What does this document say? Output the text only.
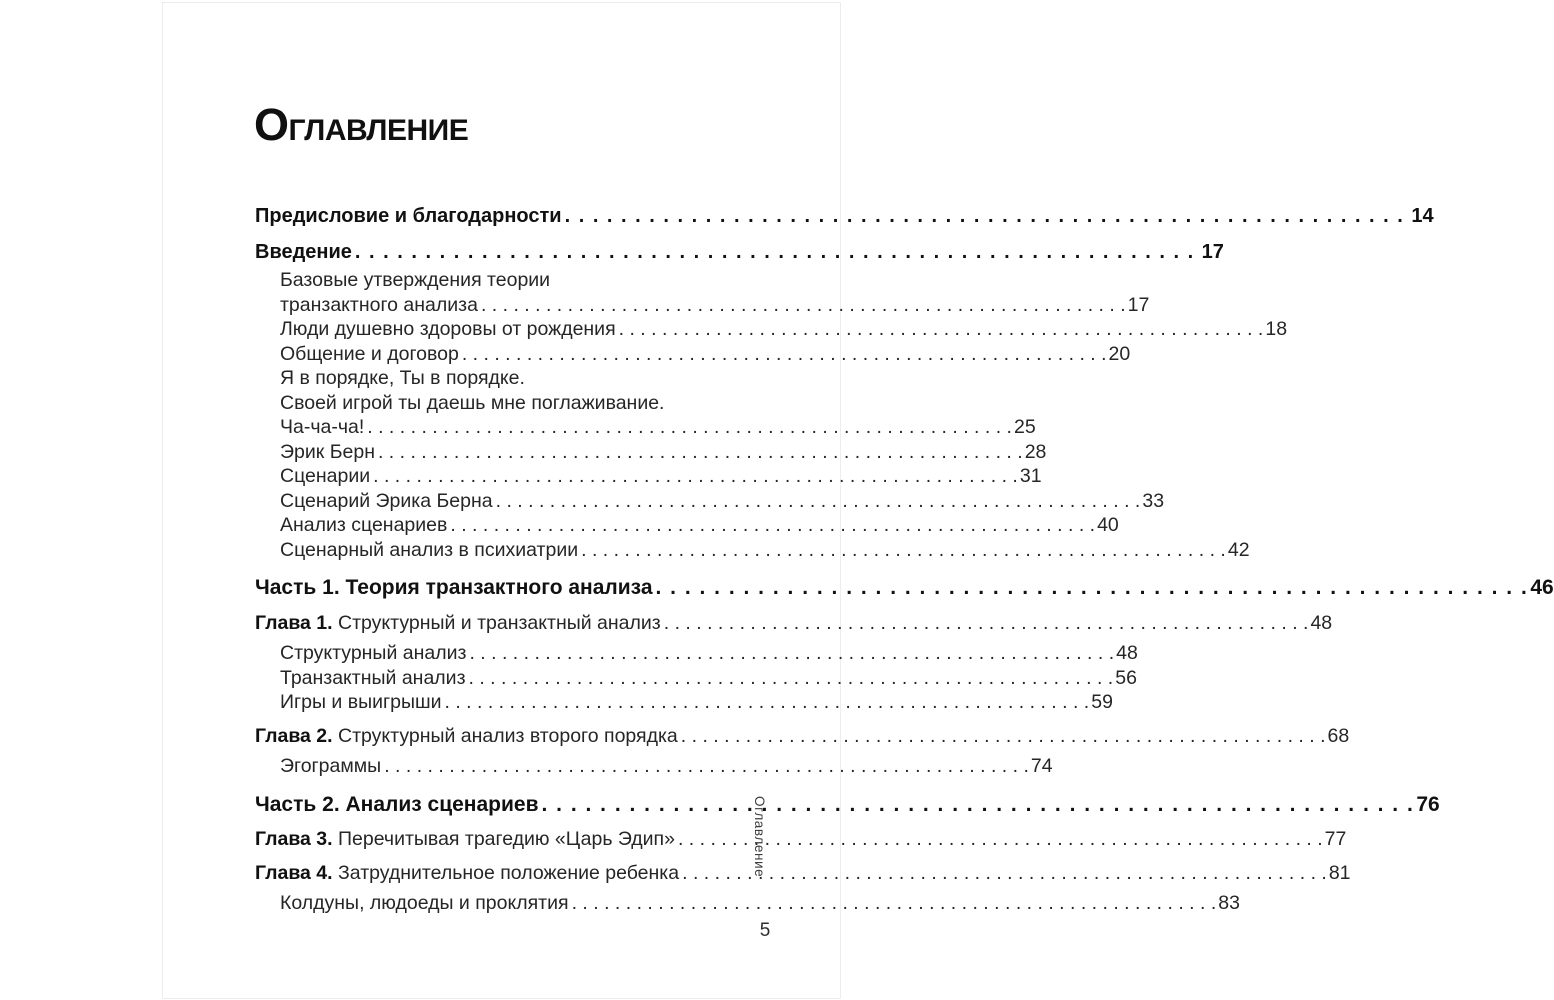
ОГЛАВЛЕНИЕ
Предисловие и благодарности . . .	14
Введение . . .	17
Базовые утверждения теории
транзактного анализа . . .	17
Люди душевно здоровы от рождения . . .	18
Общение и договор . . .	20
Я в порядке, Ты в порядке.
Своей игрой ты даешь мне поглаживание.
Ча-ча-ча! . . .	25
Эрик Берн . . .	28
Сценарии . . .	31
Сценарий Эрика Берна . . .	33
Анализ сценариев . . .	40
Сценарный анализ в психиатрии . . .	42
Часть 1. Теория транзактного анализа . . .	46
Глава 1. Структурный и транзактный анализ . . .	48
Структурный анализ . . .	48
Транзактный анализ . . .	56
Игры и выигрыши . . .	59
Глава 2. Структурный анализ второго порядка . . .	68
Эгограммы . . .	74
Часть 2. Анализ сценариев . . .	76
Глава 3. Перечитывая трагедию «Царь Эдип» . . .	77
Глава 4. Затруднительное положение ребенка . . .	81
Колдуны, людоеды и проклятия . . .	83
Оглавление
5
